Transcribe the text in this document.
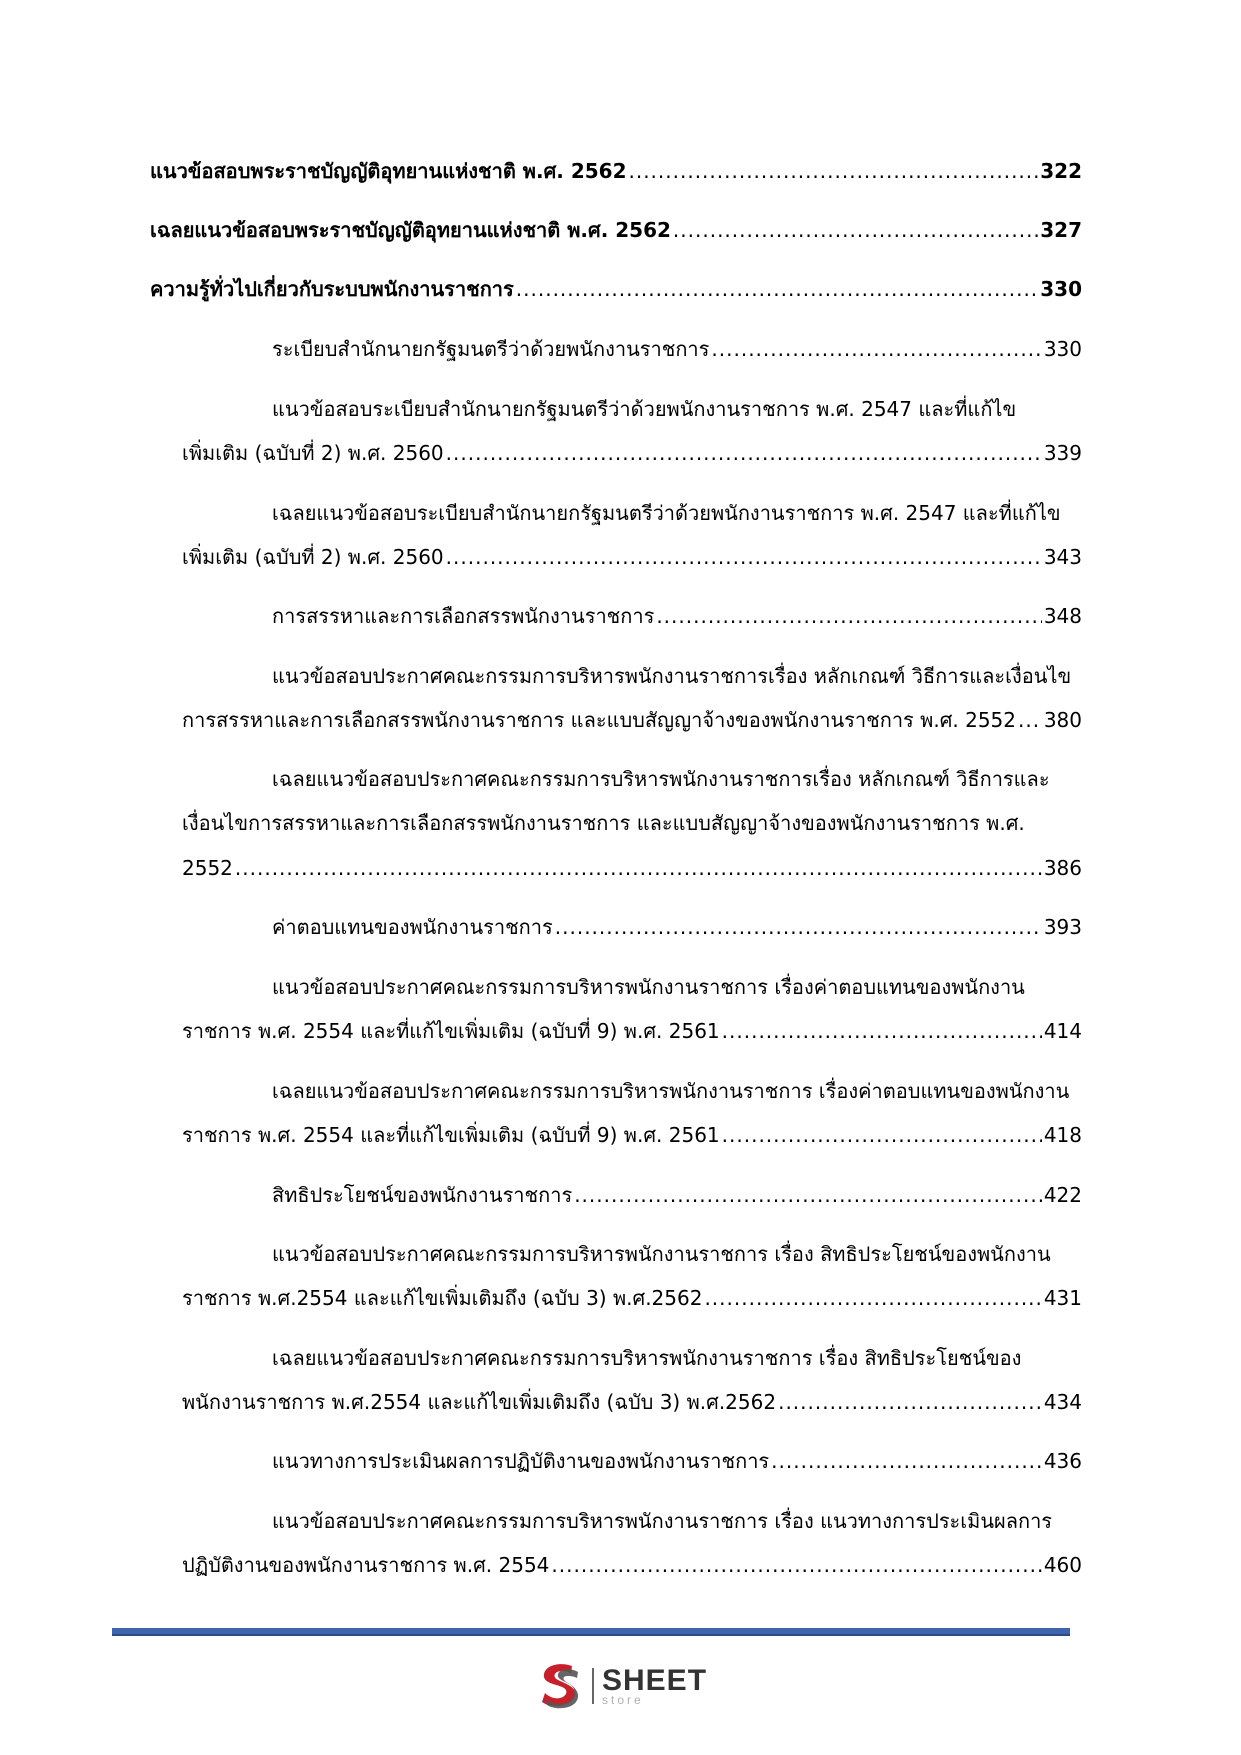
แนวข้อสอบพระราชบัญญัติอุทยานแห่งชาติ พ.ศ. 2562 .....	322
เฉลยแนวข้อสอบพระราชบัญญัติอุทยานแห่งชาติ พ.ศ. 2562 .....	327
ความรู้ทั่วไปเกี่ยวกับระบบพนักงานราชการ .....	330
ระเบียบสำนักนายกรัฐมนตรีว่าด้วยพนักงานราชการ .....	330
แนวข้อสอบระเบียบสำนักนายกรัฐมนตรีว่าด้วยพนักงานราชการ พ.ศ. 2547 และที่แก้ไข
เพิ่มเติม (ฉบับที่ 2) พ.ศ. 2560 .....	339
เฉลยแนวข้อสอบระเบียบสำนักนายกรัฐมนตรีว่าด้วยพนักงานราชการ พ.ศ. 2547 และที่แก้ไข
เพิ่มเติม (ฉบับที่ 2) พ.ศ. 2560 .....	343
การสรรหาและการเลือกสรรพนักงานราชการ .....	348
แนวข้อสอบประกาศคณะกรรมการบริหารพนักงานราชการเรื่อง หลักเกณฑ์ วิธีการและเงื่อนไข
การสรรหาและการเลือกสรรพนักงานราชการ และแบบสัญญาจ้างของพนักงานราชการ พ.ศ. 2552 ..... 380
เฉลยแนวข้อสอบประกาศคณะกรรมการบริหารพนักงานราชการเรื่อง หลักเกณฑ์ วิธีการและ
เงื่อนไขการสรรหาและการเลือกสรรพนักงานราชการ และแบบสัญญาจ้างของพนักงานราชการ พ.ศ.
2552 .....	386
ค่าตอบแทนของพนักงานราชการ .....	393
แนวข้อสอบประกาศคณะกรรมการบริหารพนักงานราชการ เรื่องค่าตอบแทนของพนักงาน
ราชการ พ.ศ. 2554 และที่แก้ไขเพิ่มเติม (ฉบับที่ 9) พ.ศ. 2561 .....	414
เฉลยแนวข้อสอบประกาศคณะกรรมการบริหารพนักงานราชการ เรื่องค่าตอบแทนของพนักงาน
ราชการ พ.ศ. 2554 และที่แก้ไขเพิ่มเติม (ฉบับที่ 9) พ.ศ. 2561 .....	418
สิทธิประโยชน์ของพนักงานราชการ .....	422
แนวข้อสอบประกาศคณะกรรมการบริหารพนักงานราชการ เรื่อง สิทธิประโยชน์ของพนักงาน
ราชการ พ.ศ.2554 และแก้ไขเพิ่มเติมถึง (ฉบับ 3) พ.ศ.2562 .....	431
เฉลยแนวข้อสอบประกาศคณะกรรมการบริหารพนักงานราชการ เรื่อง สิทธิประโยชน์ของ
พนักงานราชการ พ.ศ.2554 และแก้ไขเพิ่มเติมถึง (ฉบับ 3) พ.ศ.2562 .....	434
แนวทางการประเมินผลการปฏิบัติงานของพนักงานราชการ .....	436
แนวข้อสอบประกาศคณะกรรมการบริหารพนักงานราชการ เรื่อง แนวทางการประเมินผลการ
ปฏิบัติงานของพนักงานราชการ พ.ศ. 2554 .....	460
SHEET
store
